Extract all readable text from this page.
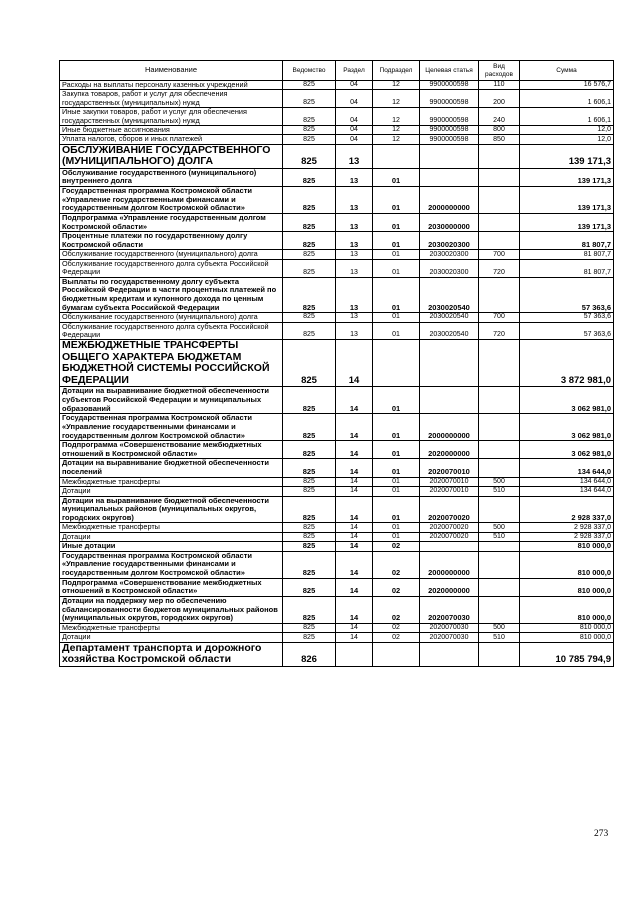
Наименование	Ведомство	Раздел	Подраздел	Целевая статья	Вид расходов	Сумма
Расходы на выплаты персоналу казенных учреждений	825	04	12	9900000598	110	16 576,7
Закупка товаров, работ и услуг для обеспечения государственных (муниципальных) нужд	825	04	12	9900000598	200	1 606,1
Иные закупки товаров, работ и услуг для обеспечения государственных (муниципальных) нужд	825	04	12	9900000598	240	1 606,1
Иные бюджетные ассигнования	825	04	12	9900000598	800	12,0
Уплата налогов, сборов и иных платежей	825	04	12	9900000598	850	12,0
ОБСЛУЖИВАНИЕ ГОСУДАРСТВЕННОГО (МУНИЦИПАЛЬНОГО) ДОЛГА	825	13				139 171,3
Обслуживание государственного (муниципального) внутреннего долга	825	13	01			139 171,3
Государственная программа Костромской области «Управление государственными финансами и государственным долгом Костромской области»	825	13	01	2000000000		139 171,3
Подпрограмма «Управление государственным долгом Костромской области»	825	13	01	2030000000		139 171,3
Процентные платежи по государственному долгу Костромской области	825	13	01	2030020300		81 807,7
Обслуживание государственного (муниципального) долга	825	13	01	2030020300	700	81 807,7
Обслуживание государственного долга субъекта Российской Федерации	825	13	01	2030020300	720	81 807,7
Выплаты по государственному долгу субъекта Российской Федерации в части процентных платежей по бюджетным кредитам и купонного дохода по ценным бумагам субъекта Российской Федерации	825	13	01	2030020540		57 363,6
Обслуживание государственного (муниципального) долга	825	13	01	2030020540	700	57 363,6
Обслуживание государственного долга субъекта Российской Федерации	825	13	01	2030020540	720	57 363,6
МЕЖБЮДЖЕТНЫЕ ТРАНСФЕРТЫ ОБЩЕГО ХАРАКТЕРА БЮДЖЕТАМ БЮДЖЕТНОЙ СИСТЕМЫ РОССИЙСКОЙ ФЕДЕРАЦИИ	825	14				3 872 981,0
Дотации на выравнивание бюджетной обеспеченности субъектов Российской Федерации и муниципальных образований	825	14	01			3 062 981,0
Государственная программа Костромской области «Управление государственными финансами и государственным долгом Костромской области»	825	14	01	2000000000		3 062 981,0
Подпрограмма «Совершенствование межбюджетных отношений в Костромской области»	825	14	01	2020000000		3 062 981,0
Дотации на выравнивание бюджетной обеспеченности поселений	825	14	01	2020070010		134 644,0
Межбюджетные трансферты	825	14	01	2020070010	500	134 644,0
Дотации	825	14	01	2020070010	510	134 644,0
Дотации на выравнивание бюджетной обеспеченности муниципальных районов (муниципальных округов, городских округов)	825	14	01	2020070020		2 928 337,0
Межбюджетные трансферты	825	14	01	2020070020	500	2 928 337,0
Дотации	825	14	01	2020070020	510	2 928 337,0
Иные дотации	825	14	02			810 000,0
Государственная программа Костромской области «Управление государственными финансами и государственным долгом Костромской области»	825	14	02	2000000000		810 000,0
Подпрограмма «Совершенствование межбюджетных отношений в Костромской области»	825	14	02	2020000000		810 000,0
Дотации на поддержку мер по обеспечению сбалансированности бюджетов муниципальных районов (муниципальных округов, городских округов)	825	14	02	2020070030		810 000,0
Межбюджетные трансферты	825	14	02	2020070030	500	810 000,0
Дотации	825	14	02	2020070030	510	810 000,0
Департамент транспорта и дорожного хозяйства Костромской области	826					10 785 794,9
273
